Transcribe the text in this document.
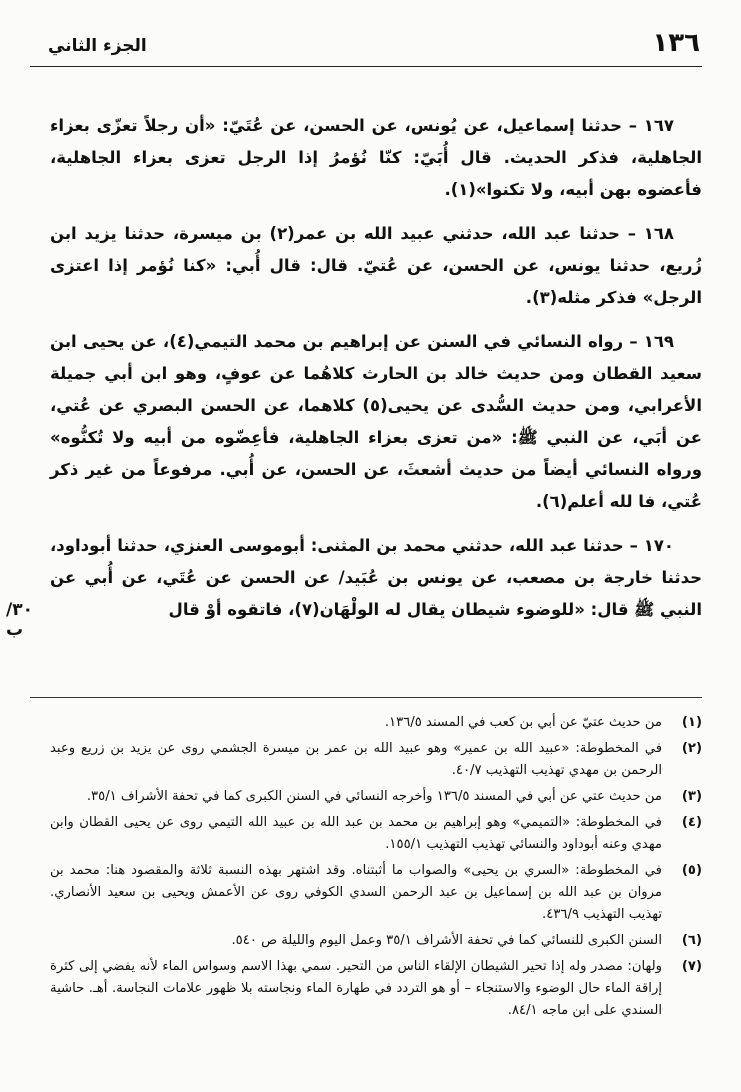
١٣٦
الجزء الثاني

١٦٧ – حدثنا إسماعيل، عن يُونس، عن الحسن، عن عُتَيّ: «أن رجلاً تعزّى بعزاء الجاهلية، فذكر الحديث. قال أُبَيّ: كنّا نُؤمرُ إذا الرجل تعزى بعزاء الجاهلية، فأعضوه بهن أبيه، ولا تكنوا»(١).

١٦٨ – حدثنا عبد الله، حدثني عبيد الله بن عمر(٢) بن ميسرة، حدثنا يزيد ابن زُريع، حدثنا يونس، عن الحسن، عن عُتيّ. قال: قال أُبي: «كنا نُؤمر إذا اعتزى الرجل» فذكر مثله(٣).

١٦٩ – رواه النسائي في السنن عن إبراهيم بن محمد التيمي(٤)، عن يحيى ابن سعيد القطان ومن حديث خالد بن الحارث كلاهُما عن عوفٍ، وهو ابن أبي جميلة الأعرابي، ومن حديث السُّدى عن يحيى(٥) كلاهما، عن الحسن البصري عن عُتي، عن أبَي، عن النبي ﷺ: «من تعزى بعزاء الجاهلية، فأعِضّوه من أبيه ولا تُكنُّوه» ورواه النسائي أيضاً من حديث أشعثَ، عن الحسن، عن أُبي. مرفوعاً من غير ذكر عُتي، فا لله أعلم(٦).

١٧٠ – حدثنا عبد الله، حدثني محمد بن المثنى: أبوموسى العنزي، حدثنا أبوداود، حدثنا خارجة بن مصعب، عن يونس بن عُبَيد/ عن الحسن عن عُتَي، عن أُبي عن النبي ﷺ قال: «للوضوء شيطان يقال له الولْهَان(٧)، فاتقوه أوْ قال

٣٠/ب
(١)
من حديث عتيّ عن أبي بن كعب في المسند ١٣٦/٥.
(٢)
في المخطوطة: «عبيد الله بن عمير» وهو عبيد الله بن عمر بن ميسرة الجشمي روى عن يزيد بن زريع وعبد الرحمن بن مهدي تهذيب التهذيب ٤٠/٧.
(٣)
من حديث عتي عن أبي في المسند ١٣٦/٥ وأخرجه النسائي في السنن الكبرى كما في تحفة الأشراف ٣٥/١.
(٤)
في المخطوطة: «التميمي» وهو إبراهيم بن محمد بن عبد الله بن عبيد الله التيمي روى عن يحيى القطان وابن مهدي وعنه أبوداود والنسائي تهذيب التهذيب ١٥٥/١.
(٥)
في المخطوطة: «السري بن يحيى» والصواب ما أثبتناه. وقد اشتهر بهذه النسبة ثلاثة والمقصود هنا: محمد بن مروان بن عبد الله بن إسماعيل بن عبد الرحمن السدي الكوفي روى عن الأعمش ويحيى بن سعيد الأنصاري. تهذيب التهذيب ٤٣٦/٩.
(٦)
السنن الكبرى للنسائي كما في تحفة الأشراف ٣٥/١ وعمل اليوم والليلة ص ٥٤٠.
(٧)
ولهان: مصدر وله إذا تحير الشيطان الإلقاء الناس من التحير. سمي بهذا الاسم وسواس الماء لأنه يفضي إلى كثرة إراقة الماء حال الوضوء والاستنجاء – أو هو التردد في طهارة الماء ونجاسته بلا ظهور علامات النجاسة. أهـ. حاشية السندي على ابن ماجه ٨٤/١.
